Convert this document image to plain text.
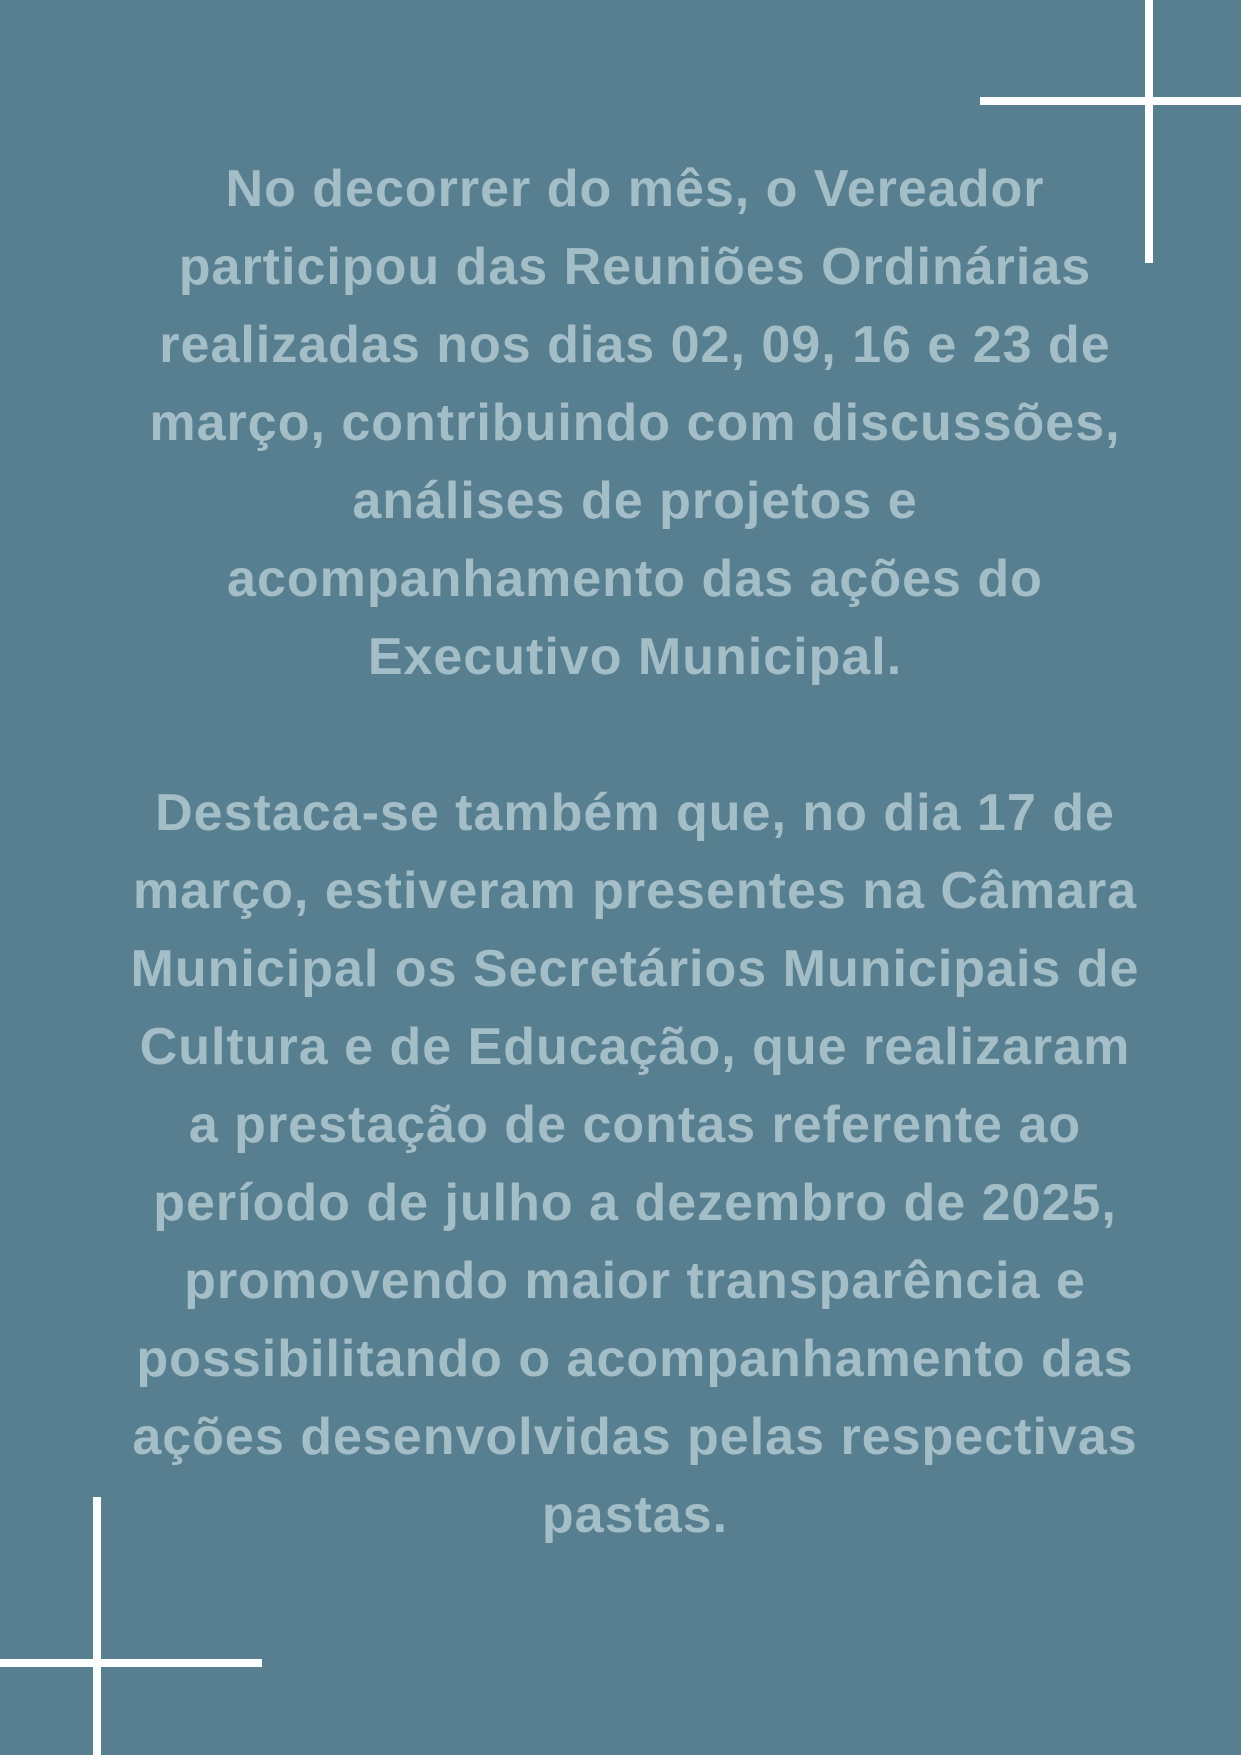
No decorrer do mês, o Vereador
participou das Reuniões Ordinárias
realizadas nos dias 02, 09, 16 e 23 de
março, contribuindo com discussões,
análises de projetos e
acompanhamento das ações do
Executivo Municipal.

Destaca-se também que, no dia 17 de
março, estiveram presentes na Câmara
Municipal os Secretários Municipais de
Cultura e de Educação, que realizaram
a prestação de contas referente ao
período de julho a dezembro de 2025,
promovendo maior transparência e
possibilitando o acompanhamento das
ações desenvolvidas pelas respectivas
pastas.
